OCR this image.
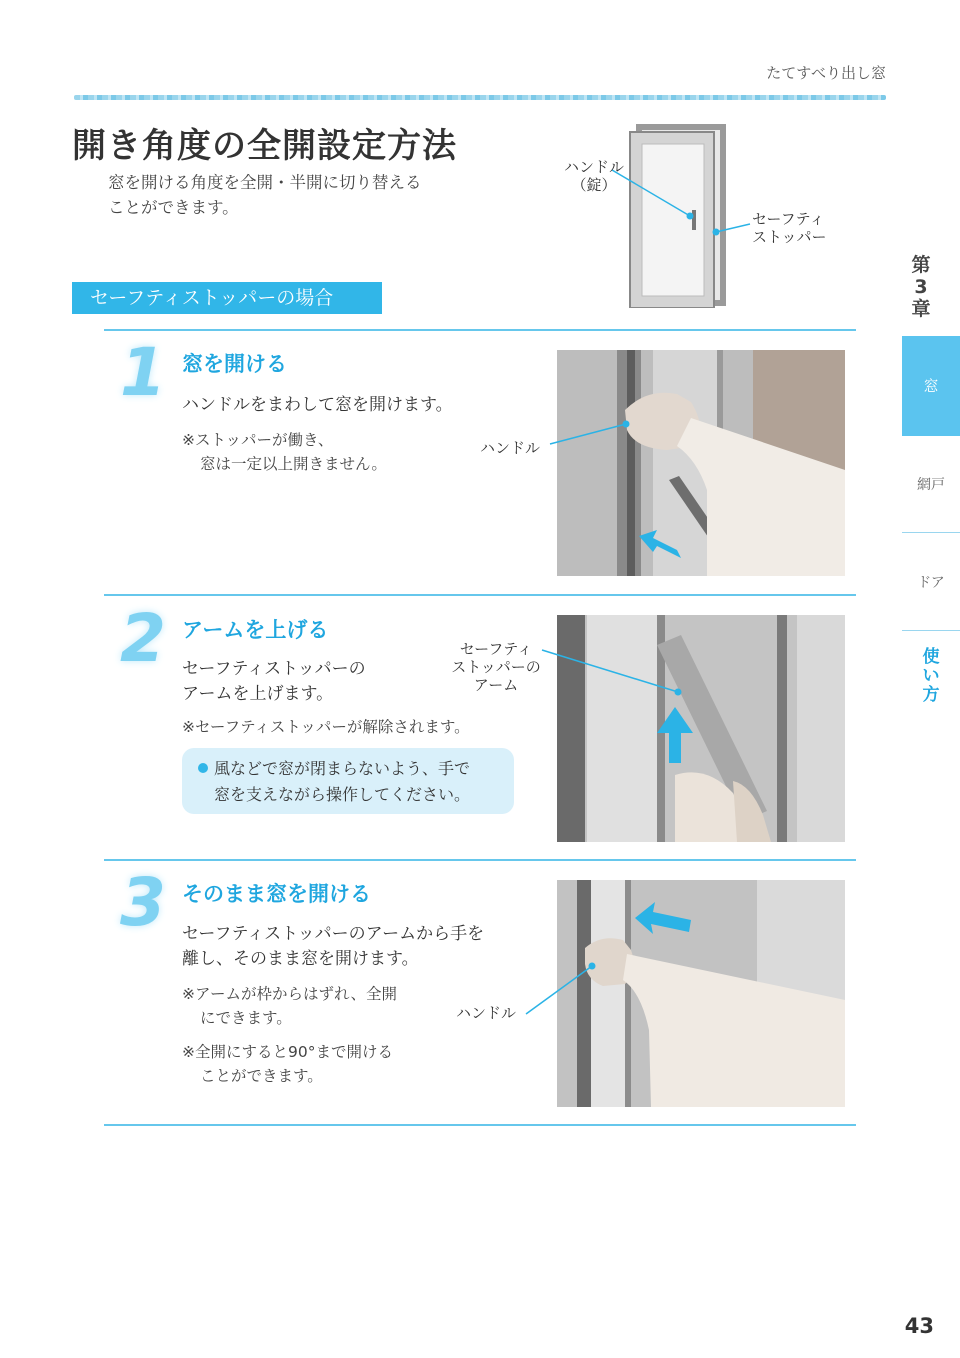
たてすべり出し窓
開き角度の全開設定方法
窓を開ける角度を全開・半開に切り替える
ことができます。
ハンドル
（錠）
セーフティ
ストッパー
セーフティストッパーの場合
1 窓を開ける
ハンドルをまわして窓を開けます。
※ストッパーが働き、
窓は一定以上開きません。
ハンドル
2 アームを上げる
セーフティストッパーの
アームを上げます。
※セーフティストッパーが解除されます。
風などで窓が閉まらないよう、手で
窓を支えながら操作してください。
セーフティ
ストッパーの
アーム
3 そのまま窓を開ける
セーフティストッパーのアームから手を
離し、そのまま窓を開けます。
※アームが枠からはずれ、全開
にできます。
※全開にすると90°まで開ける
ことができます。
ハンドル
第
3
章
窓
網戸
ドア
使
い
方
43
